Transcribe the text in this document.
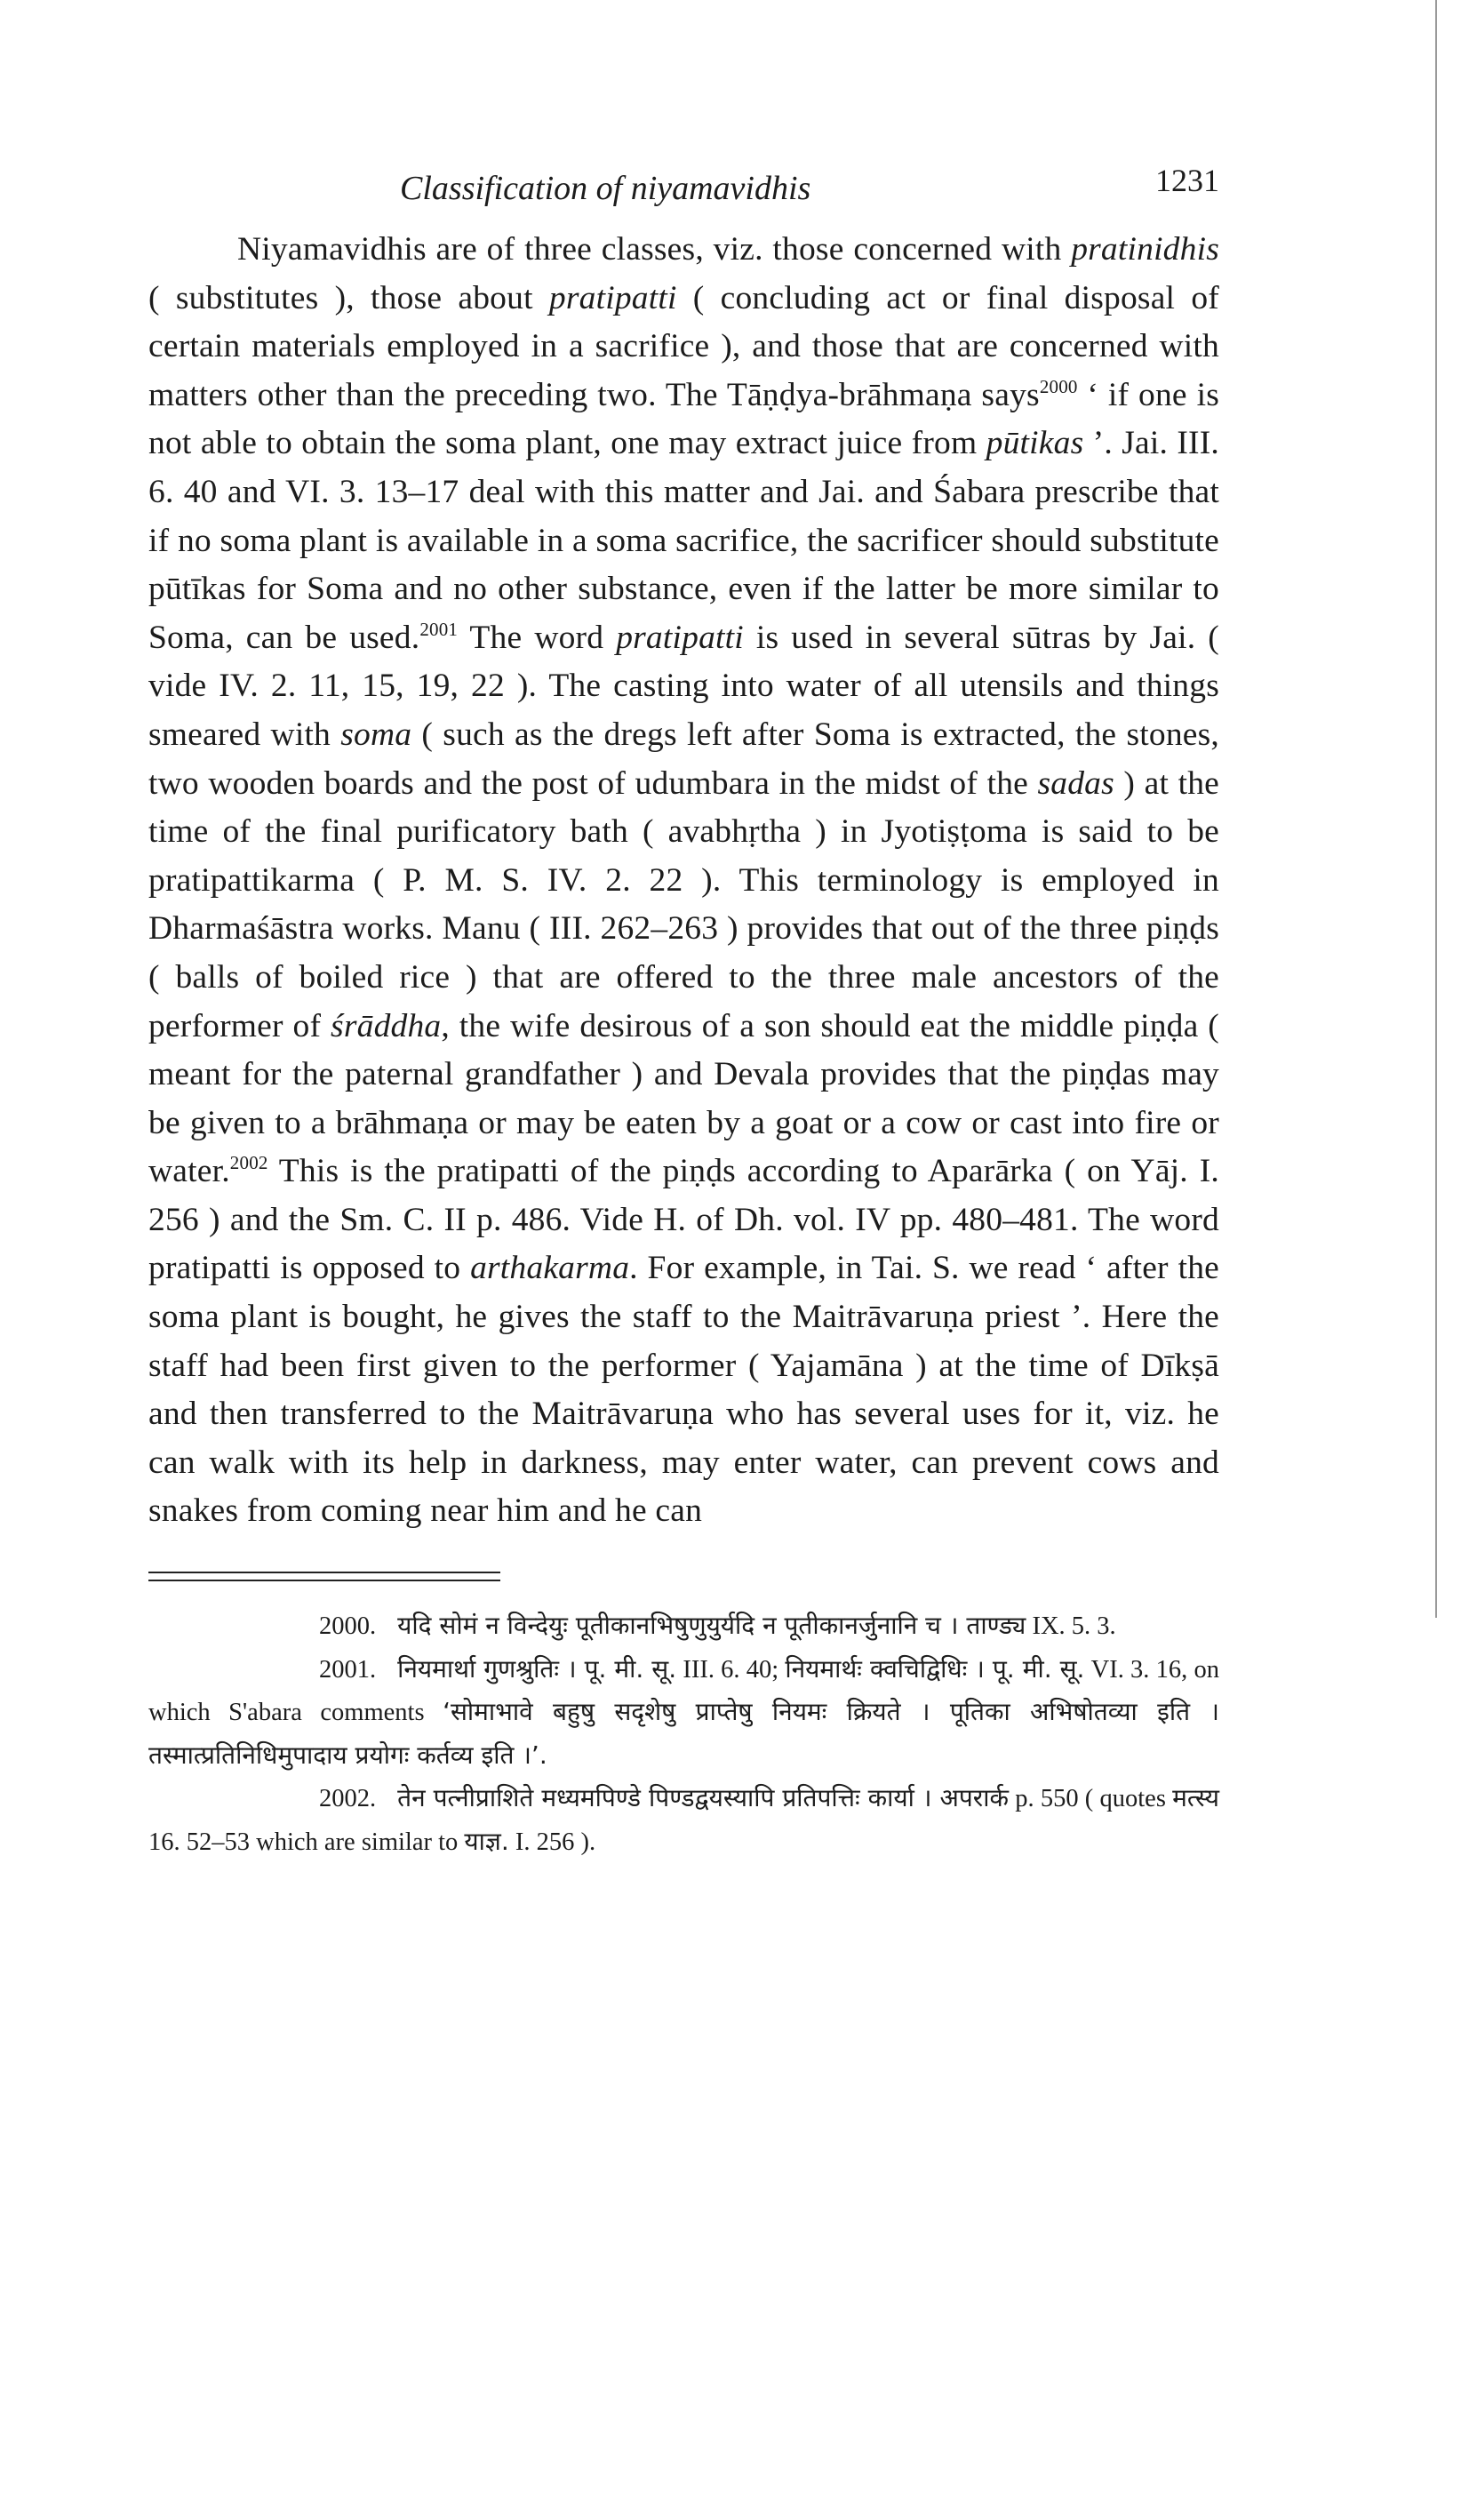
Classification of niyamavidhis	1231

Niyamavidhis are of three classes, viz. those concerned with pratinidhis ( substitutes ), those about pratipatti ( concluding act or final disposal of certain materials employed in a sacrifice ), and those that are concerned with matters other than the preceding two. The Tāṇḍya-brāhmaṇa says$^{2000}$ ‘ if one is not able to obtain the soma plant, one may extract juice from pūtikas ’. Jai. III. 6. 40 and VI. 3. 13–17 deal with this matter and Jai. and Śabara prescribe that if no soma plant is available in a soma sacrifice, the sacrificer should substitute pūtīkas for Soma and no other substance, even if the latter be more similar to Soma, can be used.$^{2001}$ The word pratipatti is used in several sūtras by Jai. ( vide IV. 2. 11, 15, 19, 22 ). The casting into water of all utensils and things smeared with soma ( such as the dregs left after Soma is extracted, the stones, two wooden boards and the post of udumbara in the midst of the sadas ) at the time of the final purificatory bath ( avabhṛtha ) in Jyotiṣṭoma is said to be pratipattikarma ( P. M. S. IV. 2. 22 ). This terminology is employed in Dharmaśāstra works. Manu ( III. 262–263 ) provides that out of the three piṇḍs ( balls of boiled rice ) that are offered to the three male ancestors of the performer of śrāddha, the wife desirous of a son should eat the middle piṇḍa ( meant for the paternal grandfather ) and Devala provides that the piṇḍas may be given to a brāhmaṇa or may be eaten by a goat or a cow or cast into fire or water.$^{2002}$ This is the pratipatti of the piṇḍs according to Aparārka ( on Yāj. I. 256 ) and the Sm. C. II p. 486. Vide H. of Dh. vol. IV pp. 480–481. The word pratipatti is opposed to arthakarma. For example, in Tai. S. we read ‘ after the soma plant is bought, he gives the staff to the Maitrāvaruṇa priest ’. Here the staff had been first given to the performer ( Yajamāna ) at the time of Dīkṣā and then transferred to the Maitrāvaruṇa who has several uses for it, viz. he can walk with its help in darkness, may enter water, can prevent cows and snakes from coming near him and he can

2000. यदि सोमं न विन्देयुः पूतीकानभिषुणुयुर्यदि न पूतीकानर्जुनानि च । ताण्ड्य IX. 5. 3.

2001. नियमार्था गुणश्रुतिः । पू. मी. सू. III. 6. 40; नियमार्थः क्वचिद्विधिः । पू. मी. सू. VI. 3. 16, on which S'abara comments ‘सोमाभावे बहुषु सदृशेषु प्राप्तेषु नियमः क्रियते । पूतिका अभिषोतव्या इति । तस्मात्प्रतिनिधिमुपादाय प्रयोगः कर्तव्य इति ।’.

2002. तेन पत्नीप्राशिते मध्यमपिण्डे पिण्डद्वयस्यापि प्रतिपत्तिः कार्या । अपरार्क p. 550 ( quotes मत्स्य 16. 52–53 which are similar to याज्ञ. I. 256 ).
